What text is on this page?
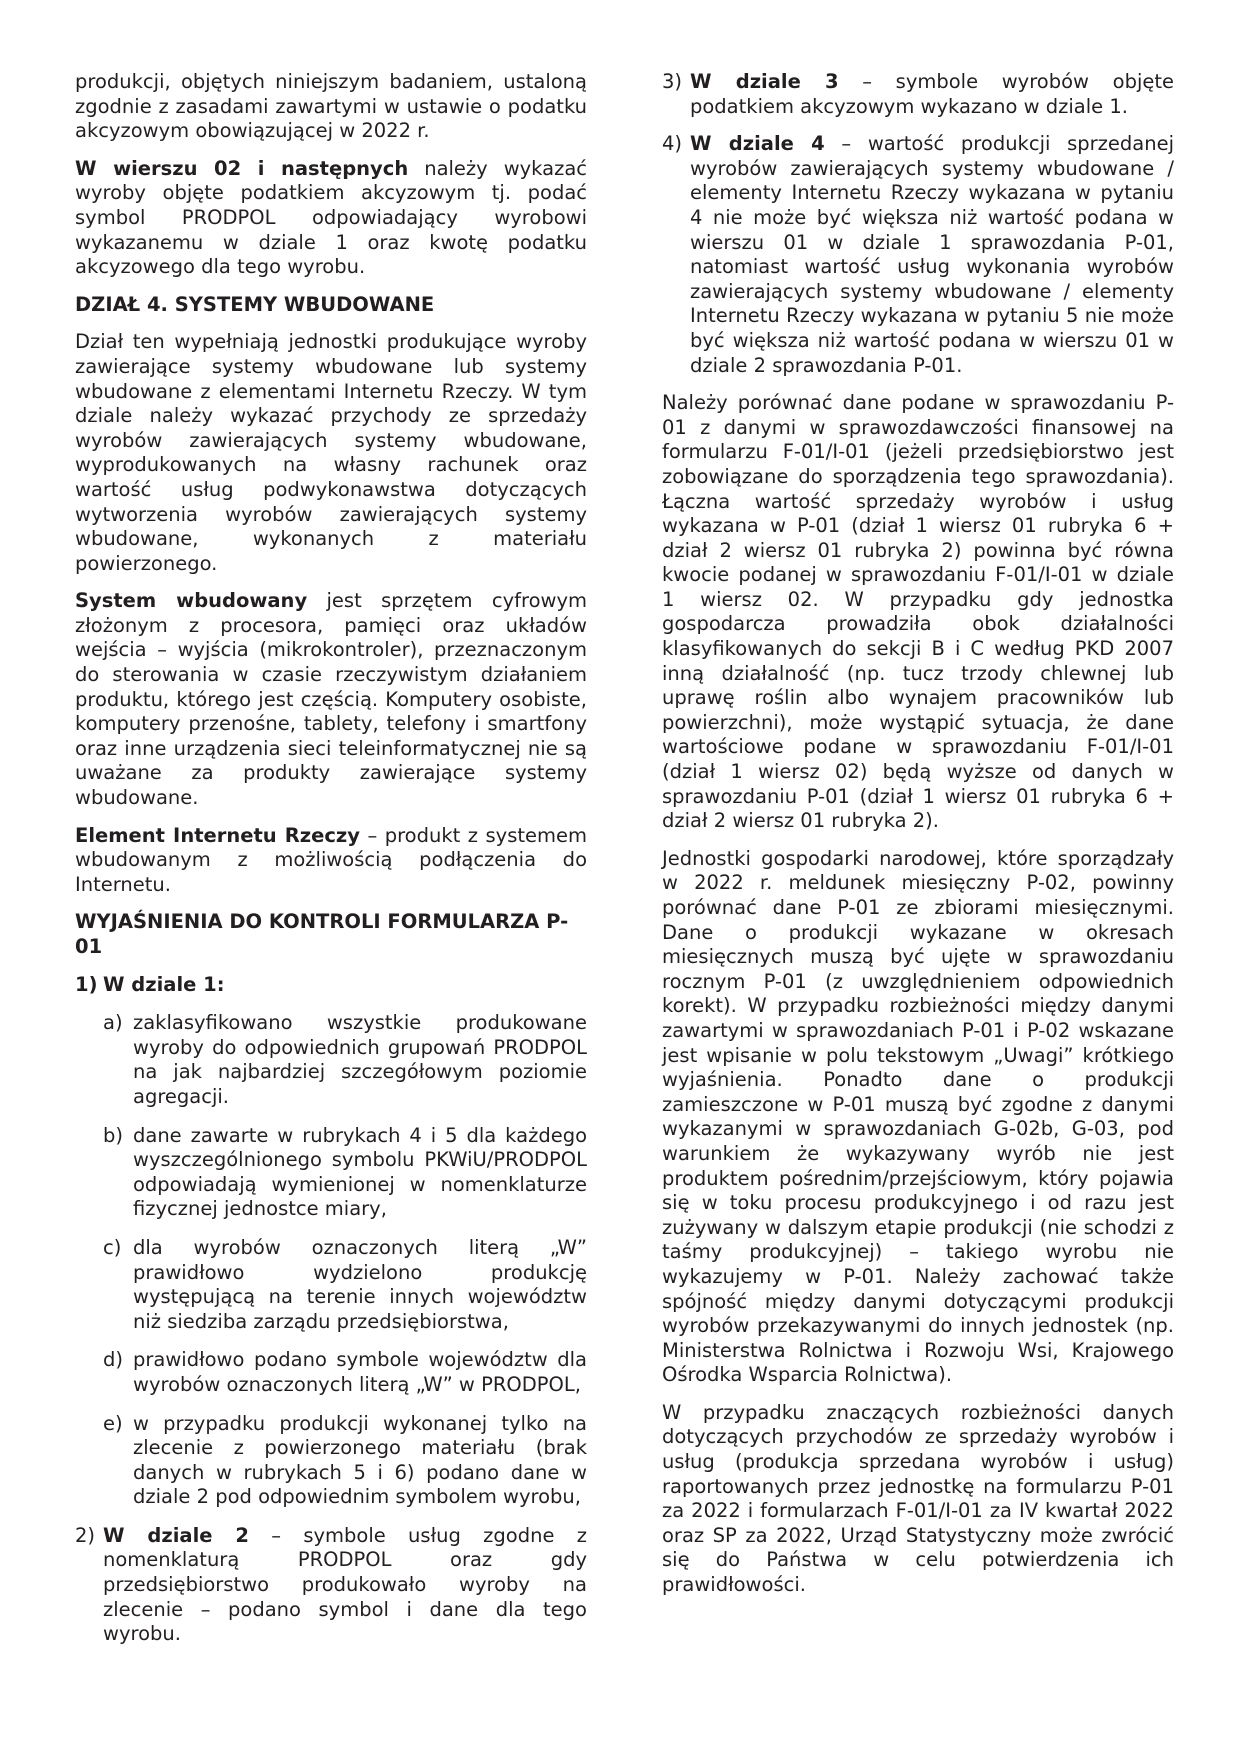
produkcji, objętych niniejszym badaniem, ustaloną zgodnie z zasadami zawartymi w ustawie o podatku akcyzowym obowiązującej w 2022 r.

W wierszu 02 i następnych należy wykazać wyroby objęte podatkiem akcyzowym tj. podać symbol PRODPOL odpowiadający wyrobowi wykazanemu w dziale 1 oraz kwotę podatku akcyzowego dla tego wyrobu.

DZIAŁ 4. SYSTEMY WBUDOWANE

Dział ten wypełniają jednostki produkujące wyroby zawierające systemy wbudowane lub systemy wbudowane z elementami Internetu Rzeczy. W tym dziale należy wykazać przychody ze sprzedaży wyrobów zawierających systemy wbudowane, wyprodukowanych na własny rachunek oraz wartość usług podwykonawstwa dotyczących wytworzenia wyrobów zawierających systemy wbudowane, wykonanych z materiału powierzonego.

System wbudowany jest sprzętem cyfrowym złożonym z procesora, pamięci oraz układów wejścia – wyjścia (mikrokontroler), przeznaczonym do sterowania w czasie rzeczywistym działaniem produktu, którego jest częścią. Komputery osobiste, komputery przenośne, tablety, telefony i smartfony oraz inne urządzenia sieci teleinformatycznej nie są uważane za produkty zawierające systemy wbudowane.

Element Internetu Rzeczy – produkt z systemem wbudowanym z możliwością podłączenia do Internetu.

WYJAŚNIENIA DO KONTROLI FORMULARZA P-01
1) W dziale 1:
a) zaklasyfikowano wszystkie produkowane wyroby do odpowiednich grupowań PRODPOL na jak najbardziej szczegółowym poziomie agregacji.
b) dane zawarte w rubrykach 4 i 5 dla każdego wyszczególnionego symbolu PKWiU/PRODPOL odpowiadają wymienionej w nomenklaturze fizycznej jednostce miary,
c) dla wyrobów oznaczonych literą „W” prawidłowo wydzielono produkcję występującą na terenie innych województw niż siedziba zarządu przedsiębiorstwa,
d) prawidłowo podano symbole województw dla wyrobów oznaczonych literą „W” w PRODPOL,
e) w przypadku produkcji wykonanej tylko na zlecenie z powierzonego materiału (brak danych w rubrykach 5 i 6) podano dane w dziale 2 pod odpowiednim symbolem wyrobu,
2) W dziale 2 – symbole usług zgodne z nomenklaturą PRODPOL oraz gdy przedsiębiorstwo produkowało wyroby na zlecenie – podano symbol i dane dla tego wyrobu.
3) W dziale 3 – symbole wyrobów objęte podatkiem akcyzowym wykazano w dziale 1.
4) W dziale 4 – wartość produkcji sprzedanej wyrobów zawierających systemy wbudowane / elementy Internetu Rzeczy wykazana w pytaniu 4 nie może być większa niż wartość podana w wierszu 01 w dziale 1 sprawozdania P-01, natomiast wartość usług wykonania wyrobów zawierających systemy wbudowane / elementy Internetu Rzeczy wykazana w pytaniu 5 nie może być większa niż wartość podana w wierszu 01 w dziale 2 sprawozdania P-01.

Należy porównać dane podane w sprawozdaniu P-01 z danymi w sprawozdawczości finansowej na formularzu F-01/I-01 (jeżeli przedsiębiorstwo jest zobowiązane do sporządzenia tego sprawozdania). Łączna wartość sprzedaży wyrobów i usług wykazana w P-01 (dział 1 wiersz 01 rubryka 6 + dział 2 wiersz 01 rubryka 2) powinna być równa kwocie podanej w sprawozdaniu F-01/I-01 w dziale 1 wiersz 02. W przypadku gdy jednostka gospodarcza prowadziła obok działalności klasyfikowanych do sekcji B i C według PKD 2007 inną działalność (np. tucz trzody chlewnej lub uprawę roślin albo wynajem pracowników lub powierzchni), może wystąpić sytuacja, że dane wartościowe podane w sprawozdaniu F-01/I-01 (dział 1 wiersz 02) będą wyższe od danych w sprawozdaniu P-01 (dział 1 wiersz 01 rubryka 6 + dział 2 wiersz 01 rubryka 2).

Jednostki gospodarki narodowej, które sporządzały w 2022 r. meldunek miesięczny P-02, powinny porównać dane P-01 ze zbiorami miesięcznymi. Dane o produkcji wykazane w okresach miesięcznych muszą być ujęte w sprawozdaniu rocznym P-01 (z uwzględnieniem odpowiednich korekt). W przypadku rozbieżności między danymi zawartymi w sprawozdaniach P-01 i P-02 wskazane jest wpisanie w polu tekstowym „Uwagi” krótkiego wyjaśnienia. Ponadto dane o produkcji zamieszczone w P-01 muszą być zgodne z danymi wykazanymi w sprawozdaniach G-02b, G-03, pod warunkiem że wykazywany wyrób nie jest produktem pośrednim/przejściowym, który pojawia się w toku procesu produkcyjnego i od razu jest zużywany w dalszym etapie produkcji (nie schodzi z taśmy produkcyjnej) – takiego wyrobu nie wykazujemy w P-01. Należy zachować także spójność między danymi dotyczącymi produkcji wyrobów przekazywanymi do innych jednostek (np. Ministerstwa Rolnictwa i Rozwoju Wsi, Krajowego Ośrodka Wsparcia Rolnictwa).

W przypadku znaczących rozbieżności danych dotyczących przychodów ze sprzedaży wyrobów i usług (produkcja sprzedana wyrobów i usług) raportowanych przez jednostkę na formularzu P-01 za 2022 i formularzach F-01/I-01 za IV kwartał 2022 oraz SP za 2022, Urząd Statystyczny może zwrócić się do Państwa w celu potwierdzenia ich prawidłowości.
